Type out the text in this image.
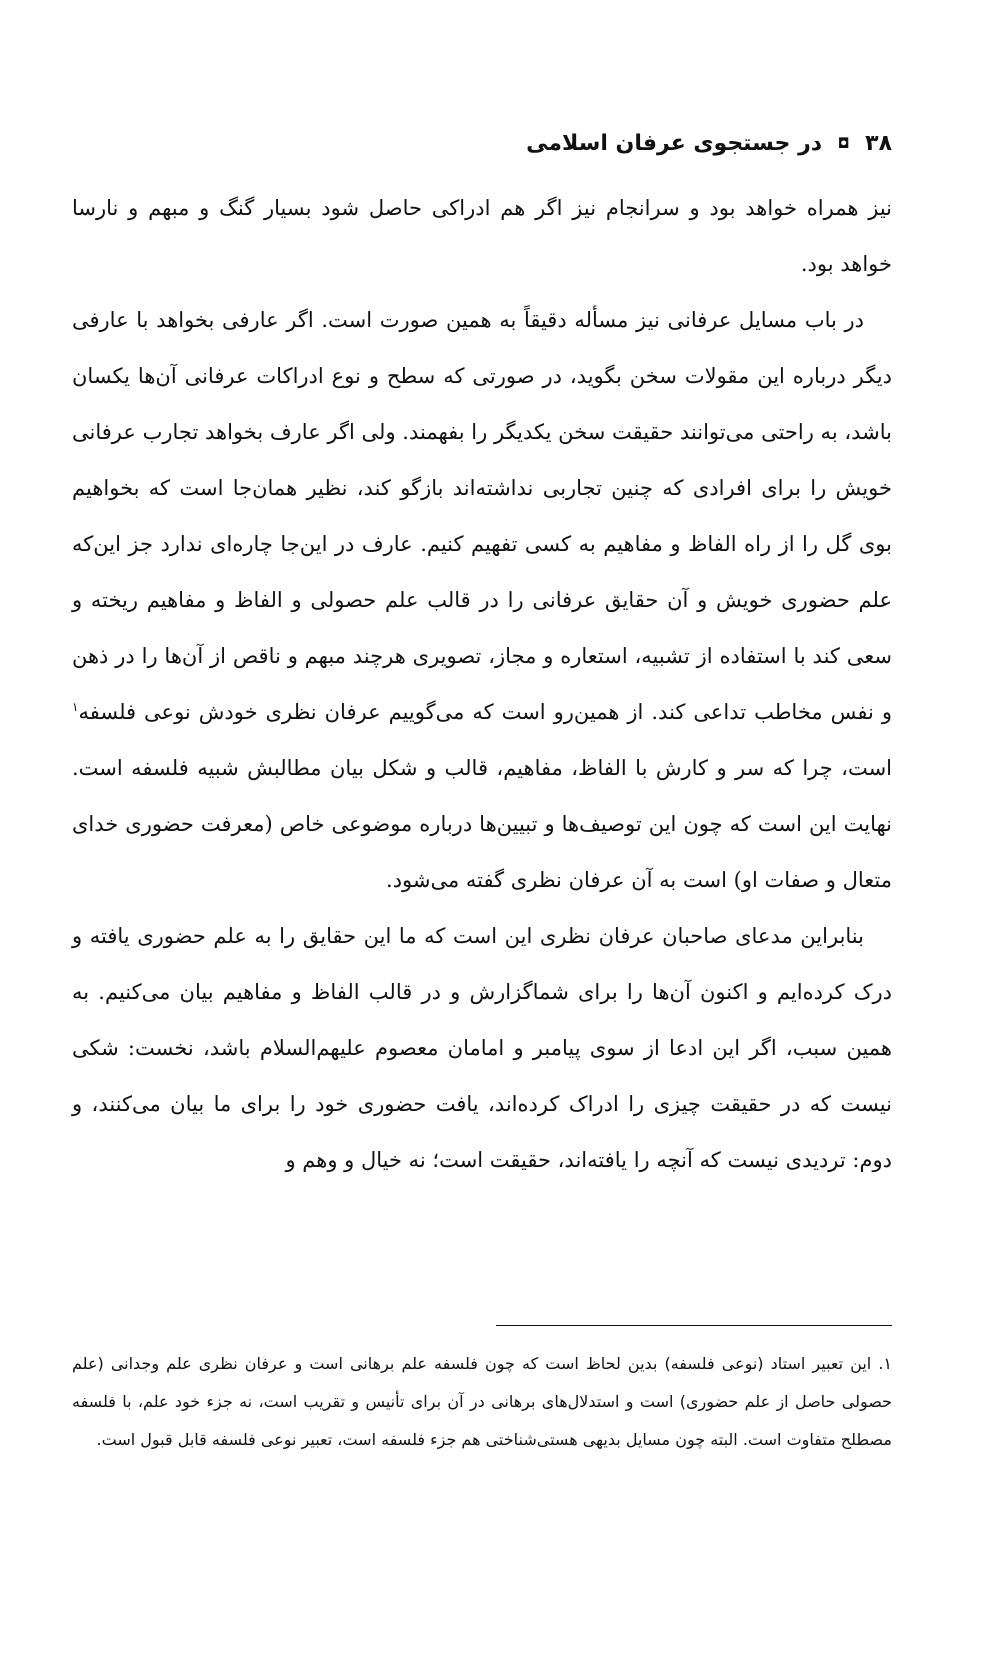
۳۸ ◘ در جستجوی عرفان اسلامی

نیز همراه خواهد بود و سرانجام نیز اگر هم ادراکی حاصل شود بسیار گنگ و مبهم و نارسا خواهد بود.

در باب مسایل عرفانی نیز مسأله دقیقاً به همین صورت است. اگر عارفی بخواهد با عارفی دیگر درباره این مقولات سخن بگوید، در صورتی که سطح و نوع ادراکات عرفانی آن‌ها یکسان باشد، به راحتی می‌توانند حقیقت سخن یکدیگر را بفهمند. ولی اگر عارف بخواهد تجارب عرفانی خویش را برای افرادی که چنین تجاربی نداشته‌اند بازگو کند، نظیر همان‌جا است که بخواهیم بوی گل را از راه الفاظ و مفاهیم به کسی تفهیم کنیم. عارف در این‌جا چاره‌ای ندارد جز این‌که علم حضوری خویش و آن حقایق عرفانی را در قالب علم حصولی و الفاظ و مفاهیم ریخته و سعی کند با استفاده از تشبیه، استعاره و مجاز، تصویری هرچند مبهم و ناقص از آن‌ها را در ذهن و نفس مخاطب تداعی کند. از همین‌رو است که می‌گوییم عرفان نظری خودش نوعی فلسفه$^۱$ است، چرا که سر و کارش با الفاظ، مفاهیم، قالب و شکل بیان مطالبش شبیه فلسفه است. نهایت این است که چون این توصیف‌ها و تبیین‌ها درباره موضوعی خاص (معرفت حضوری خدای متعال و صفات او) است به آن عرفان نظری گفته می‌شود.

بنابراین مدعای صاحبان عرفان نظری این است که ما این حقایق را به علم حضوری یافته و درک کرده‌ایم و اکنون آن‌ها را برای شماگزارش و در قالب الفاظ و مفاهیم بیان می‌کنیم. به همین سبب، اگر این ادعا از سوی پیامبر و امامان معصوم علیهم‌السلام باشد، نخست: شکی نیست که در حقیقت چیزی را ادراک کرده‌اند، یافت حضوری خود را برای ما بیان می‌کنند، و دوم: تردیدی نیست که آنچه را یافته‌اند، حقیقت است؛ نه خیال و وهم و

۱. این تعبیر استاد (نوعی فلسفه) بدین لحاظ است که چون فلسفه علم برهانی است و عرفان نظری علم وجدانی (علم حصولی حاصل از علم حضوری) است و استدلال‌های برهانی در آن برای تأنیس و تقریب است، نه جزء خود علم، با فلسفه مصطلح متفاوت است. البته چون مسایل بدیهی هستی‌شناختی هم جزء فلسفه است، تعبیر نوعی فلسفه قابل قبول است.
